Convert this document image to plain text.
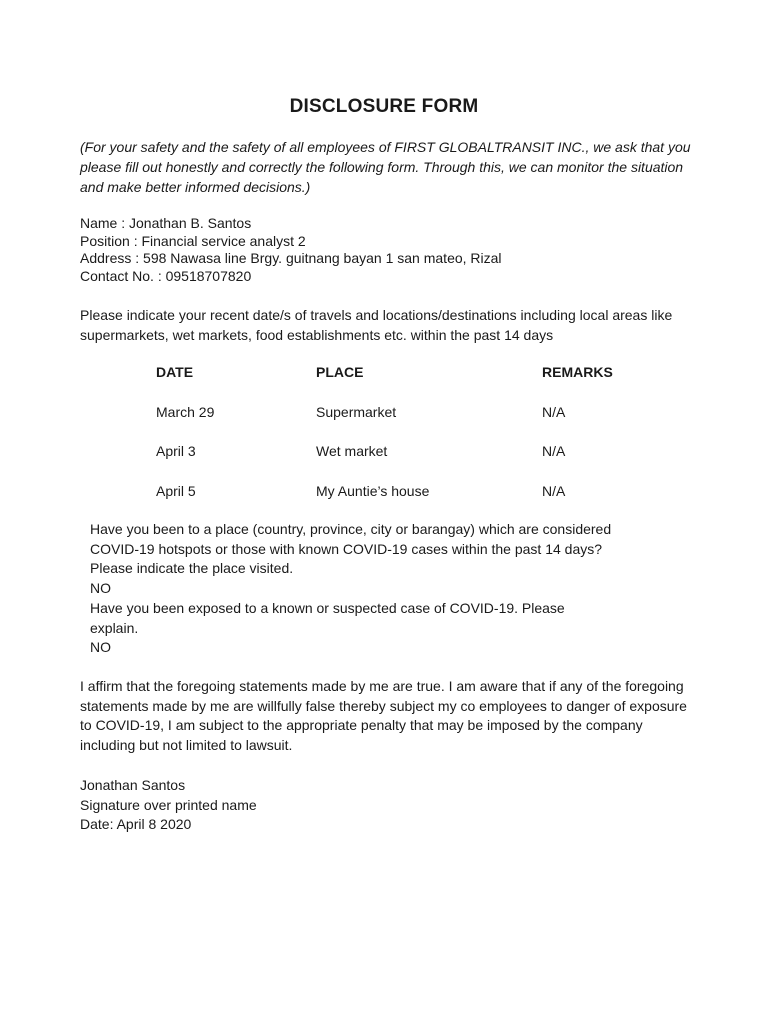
DISCLOSURE FORM
(For your safety and the safety of all employees of FIRST GLOBALTRANSIT INC., we ask that you please fill out honestly and correctly the following form. Through this, we can monitor the situation and make better informed decisions.)
Name : Jonathan B. Santos
Position : Financial service analyst 2
Address : 598 Nawasa line Brgy. guitnang bayan 1 san mateo, Rizal
Contact No. : 09518707820
Please indicate your recent date/s of travels and locations/destinations including local areas like supermarkets, wet markets, food establishments etc. within the past 14 days
DATE	PLACE	REMARKS
March 29	Supermarket	N/A
April 3	Wet market	N/A
April 5	My Auntie’s house	N/A
Have you been to a place (country, province, city or barangay) which are considered
COVID-19 hotspots or those with known COVID-19 cases within the past 14 days?
Please indicate the place visited.
NO
Have you been exposed to a known or suspected case of COVID-19. Please
explain.
NO
I affirm that the foregoing statements made by me are true. I am aware that if any of the foregoing statements made by me are willfully false thereby subject my co employees to danger of exposure to COVID-19, I am subject to the appropriate penalty that may be imposed by the company including but not limited to lawsuit.
Jonathan Santos
Signature over printed name
Date: April 8 2020
